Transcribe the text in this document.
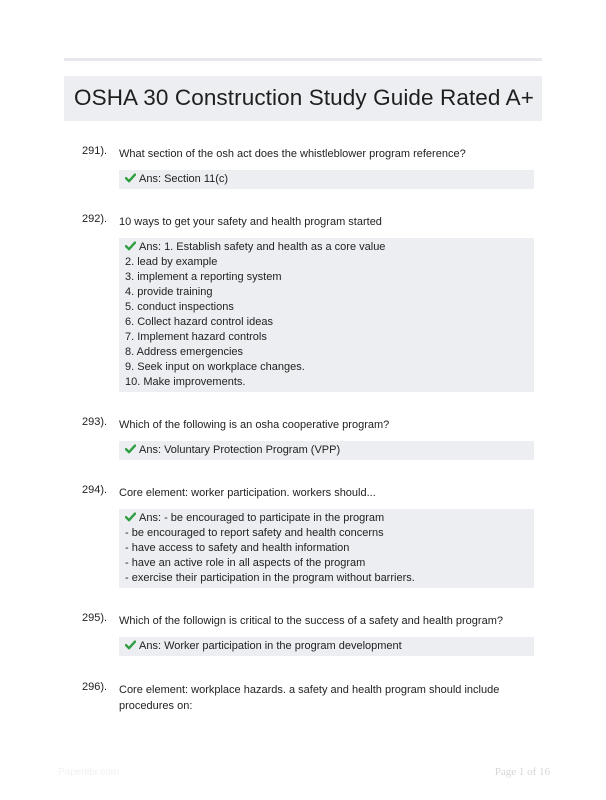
OSHA 30 Construction Study Guide Rated A+
291). What section of the osh act does the whistleblower program reference?
Ans: Section 11(c)
292). 10 ways to get your safety and health program started
Ans: 1. Establish safety and health as a core value
2. lead by example
3. implement a reporting system
4. provide training
5. conduct inspections
6. Collect hazard control ideas
7. Implement hazard controls
8. Address emergencies
9. Seek input on workplace changes.
10. Make improvements.
293). Which of the following is an osha cooperative program?
Ans: Voluntary Protection Program (VPP)
294). Core element: worker participation. workers should...
Ans: - be encouraged to participate in the program
- be encouraged to report safety and health concerns
- have access to safety and health information
- have an active role in all aspects of the program
- exercise their participation in the program without barriers.
295). Which of the followign is critical to the success of a safety and health program?
Ans: Worker participation in the program development
296). Core element: workplace hazards. a safety and health program should include procedures on:
Paperlibr.com	Page 1 of 16
